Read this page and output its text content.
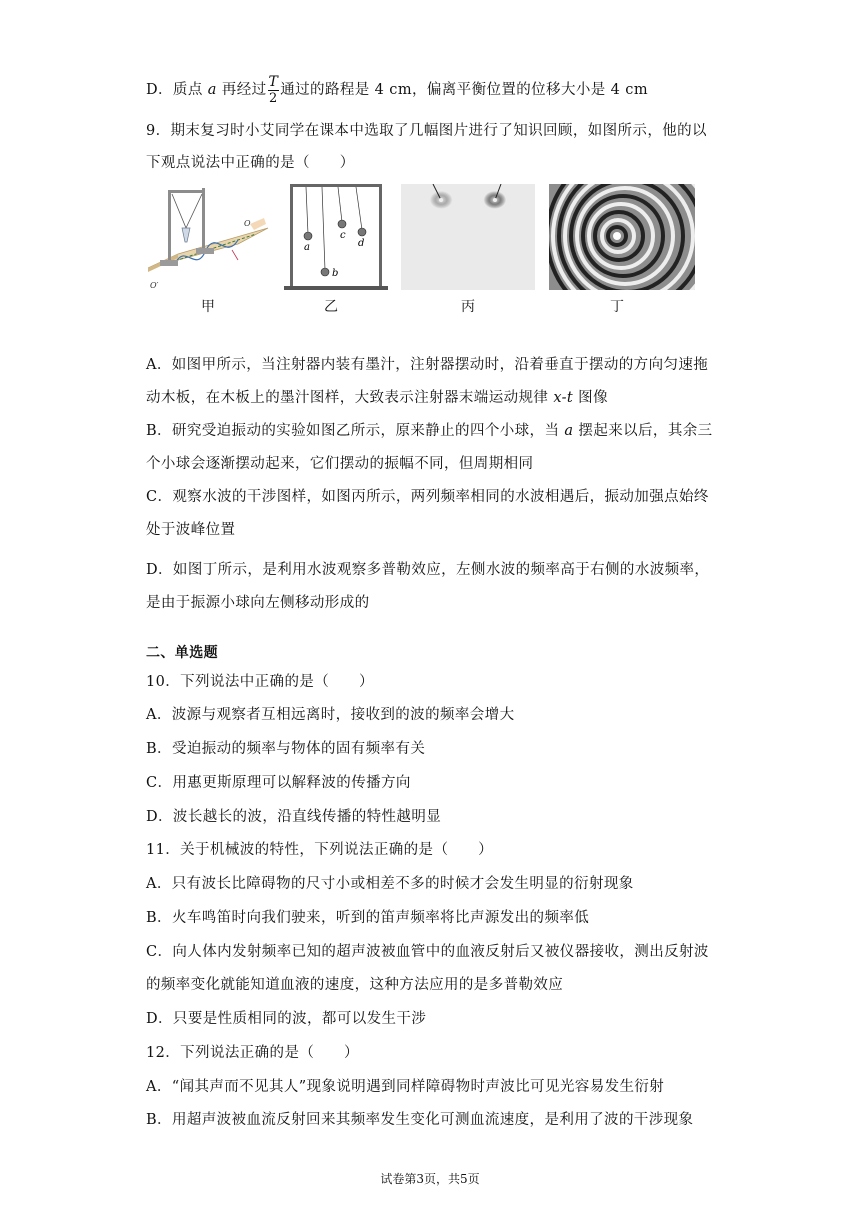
D．质点 a 再经过 $\frac{T}{2}$ 通过的路程是 4 cm，偏离平衡位置的位移大小是 4 cm
9．期末复习时小艾同学在课本中选取了几幅图片进行了知识回顾，如图所示，他的以
下观点说法中正确的是（　　）
O
O′
a
b
c
d
甲	乙	丙	丁
A．如图甲所示，当注射器内装有墨汁，注射器摆动时，沿着垂直于摆动的方向匀速拖
动木板，在木板上的墨汁图样，大致表示注射器末端运动规律 x-t 图像
B．研究受迫振动的实验如图乙所示，原来静止的四个小球，当 a 摆起来以后，其余三
个小球会逐渐摆动起来，它们摆动的振幅不同，但周期相同
C．观察水波的干涉图样，如图丙所示，两列频率相同的水波相遇后，振动加强点始终
处于波峰位置
D．如图丁所示，是利用水波观察多普勒效应，左侧水波的频率高于右侧的水波频率，
是由于振源小球向左侧移动形成的
二、单选题
10．下列说法中正确的是（　　）
A．波源与观察者互相远离时，接收到的波的频率会增大
B．受迫振动的频率与物体的固有频率有关
C．用惠更斯原理可以解释波的传播方向
D．波长越长的波，沿直线传播的特性越明显
11．关于机械波的特性，下列说法正确的是（　　）
A．只有波长比障碍物的尺寸小或相差不多的时候才会发生明显的衍射现象
B．火车鸣笛时向我们驶来，听到的笛声频率将比声源发出的频率低
C．向人体内发射频率已知的超声波被血管中的血液反射后又被仪器接收，测出反射波
的频率变化就能知道血液的速度，这种方法应用的是多普勒效应
D．只要是性质相同的波，都可以发生干涉
12．下列说法正确的是（　　）
A．“闻其声而不见其人”现象说明遇到同样障碍物时声波比可见光容易发生衍射
B．用超声波被血流反射回来其频率发生变化可测血流速度，是利用了波的干涉现象
试卷第3页，共5页
